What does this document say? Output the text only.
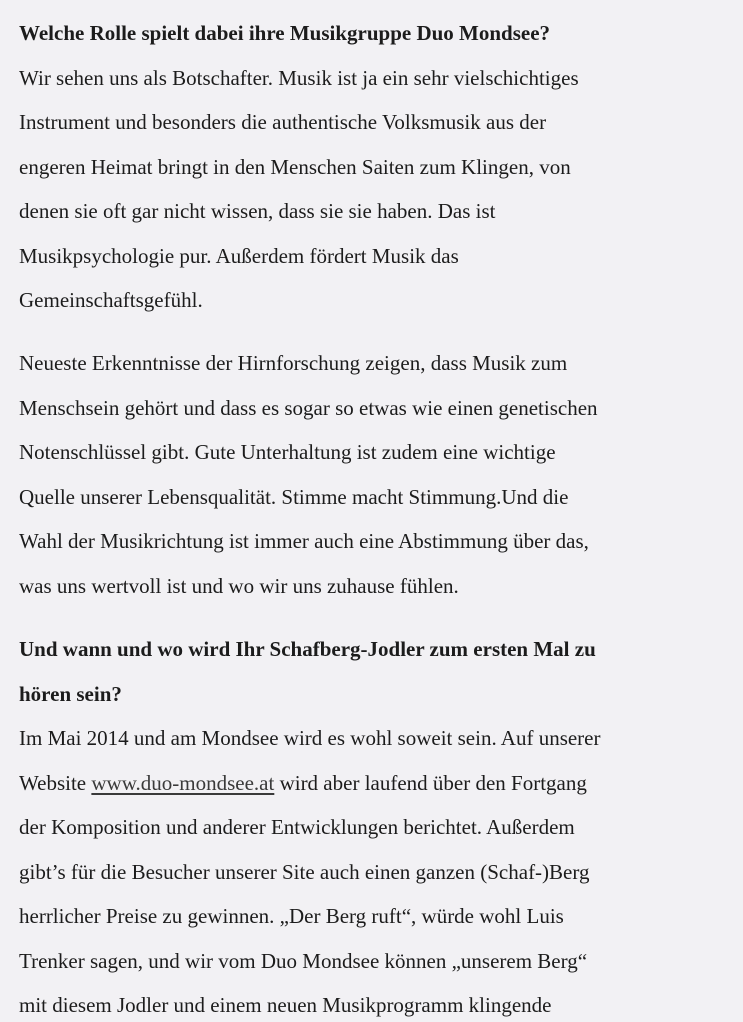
Welche Rolle spielt dabei ihre Musikgruppe Duo Mondsee?

Wir sehen uns als Botschafter. Musik ist ja ein sehr vielschichtiges
Instrument und besonders die authentische Volksmusik aus der
engeren Heimat bringt in den Menschen Saiten zum Klingen, von
denen sie oft gar nicht wissen, dass sie sie haben. Das ist
Musikpsychologie pur. Außerdem fördert Musik das
Gemeinschaftsgefühl.

Neueste Erkenntnisse der Hirnforschung zeigen, dass Musik zum
Menschsein gehört und dass es sogar so etwas wie einen genetischen
Notenschlüssel gibt. Gute Unterhaltung ist zudem eine wichtige
Quelle unserer Lebensqualität. Stimme macht Stimmung.Und die
Wahl der Musikrichtung ist immer auch eine Abstimmung über das,
was uns wertvoll ist und wo wir uns zuhause fühlen.

Und wann und wo wird Ihr Schafberg-Jodler zum ersten Mal zu
hören sein?

Im Mai 2014 und am Mondsee wird es wohl soweit sein. Auf unserer
Website www.duo-mondsee.at wird aber laufend über den Fortgang
der Komposition und anderer Entwicklungen berichtet. Außerdem
gibt’s für die Besucher unserer Site auch einen ganzen (Schaf-)Berg
herrlicher Preise zu gewinnen. „Der Berg ruft“, würde wohl Luis
Trenker sagen, und wir vom Duo Mondsee können „unserem Berg“
mit diesem Jodler und einem neuen Musikprogramm klingende
